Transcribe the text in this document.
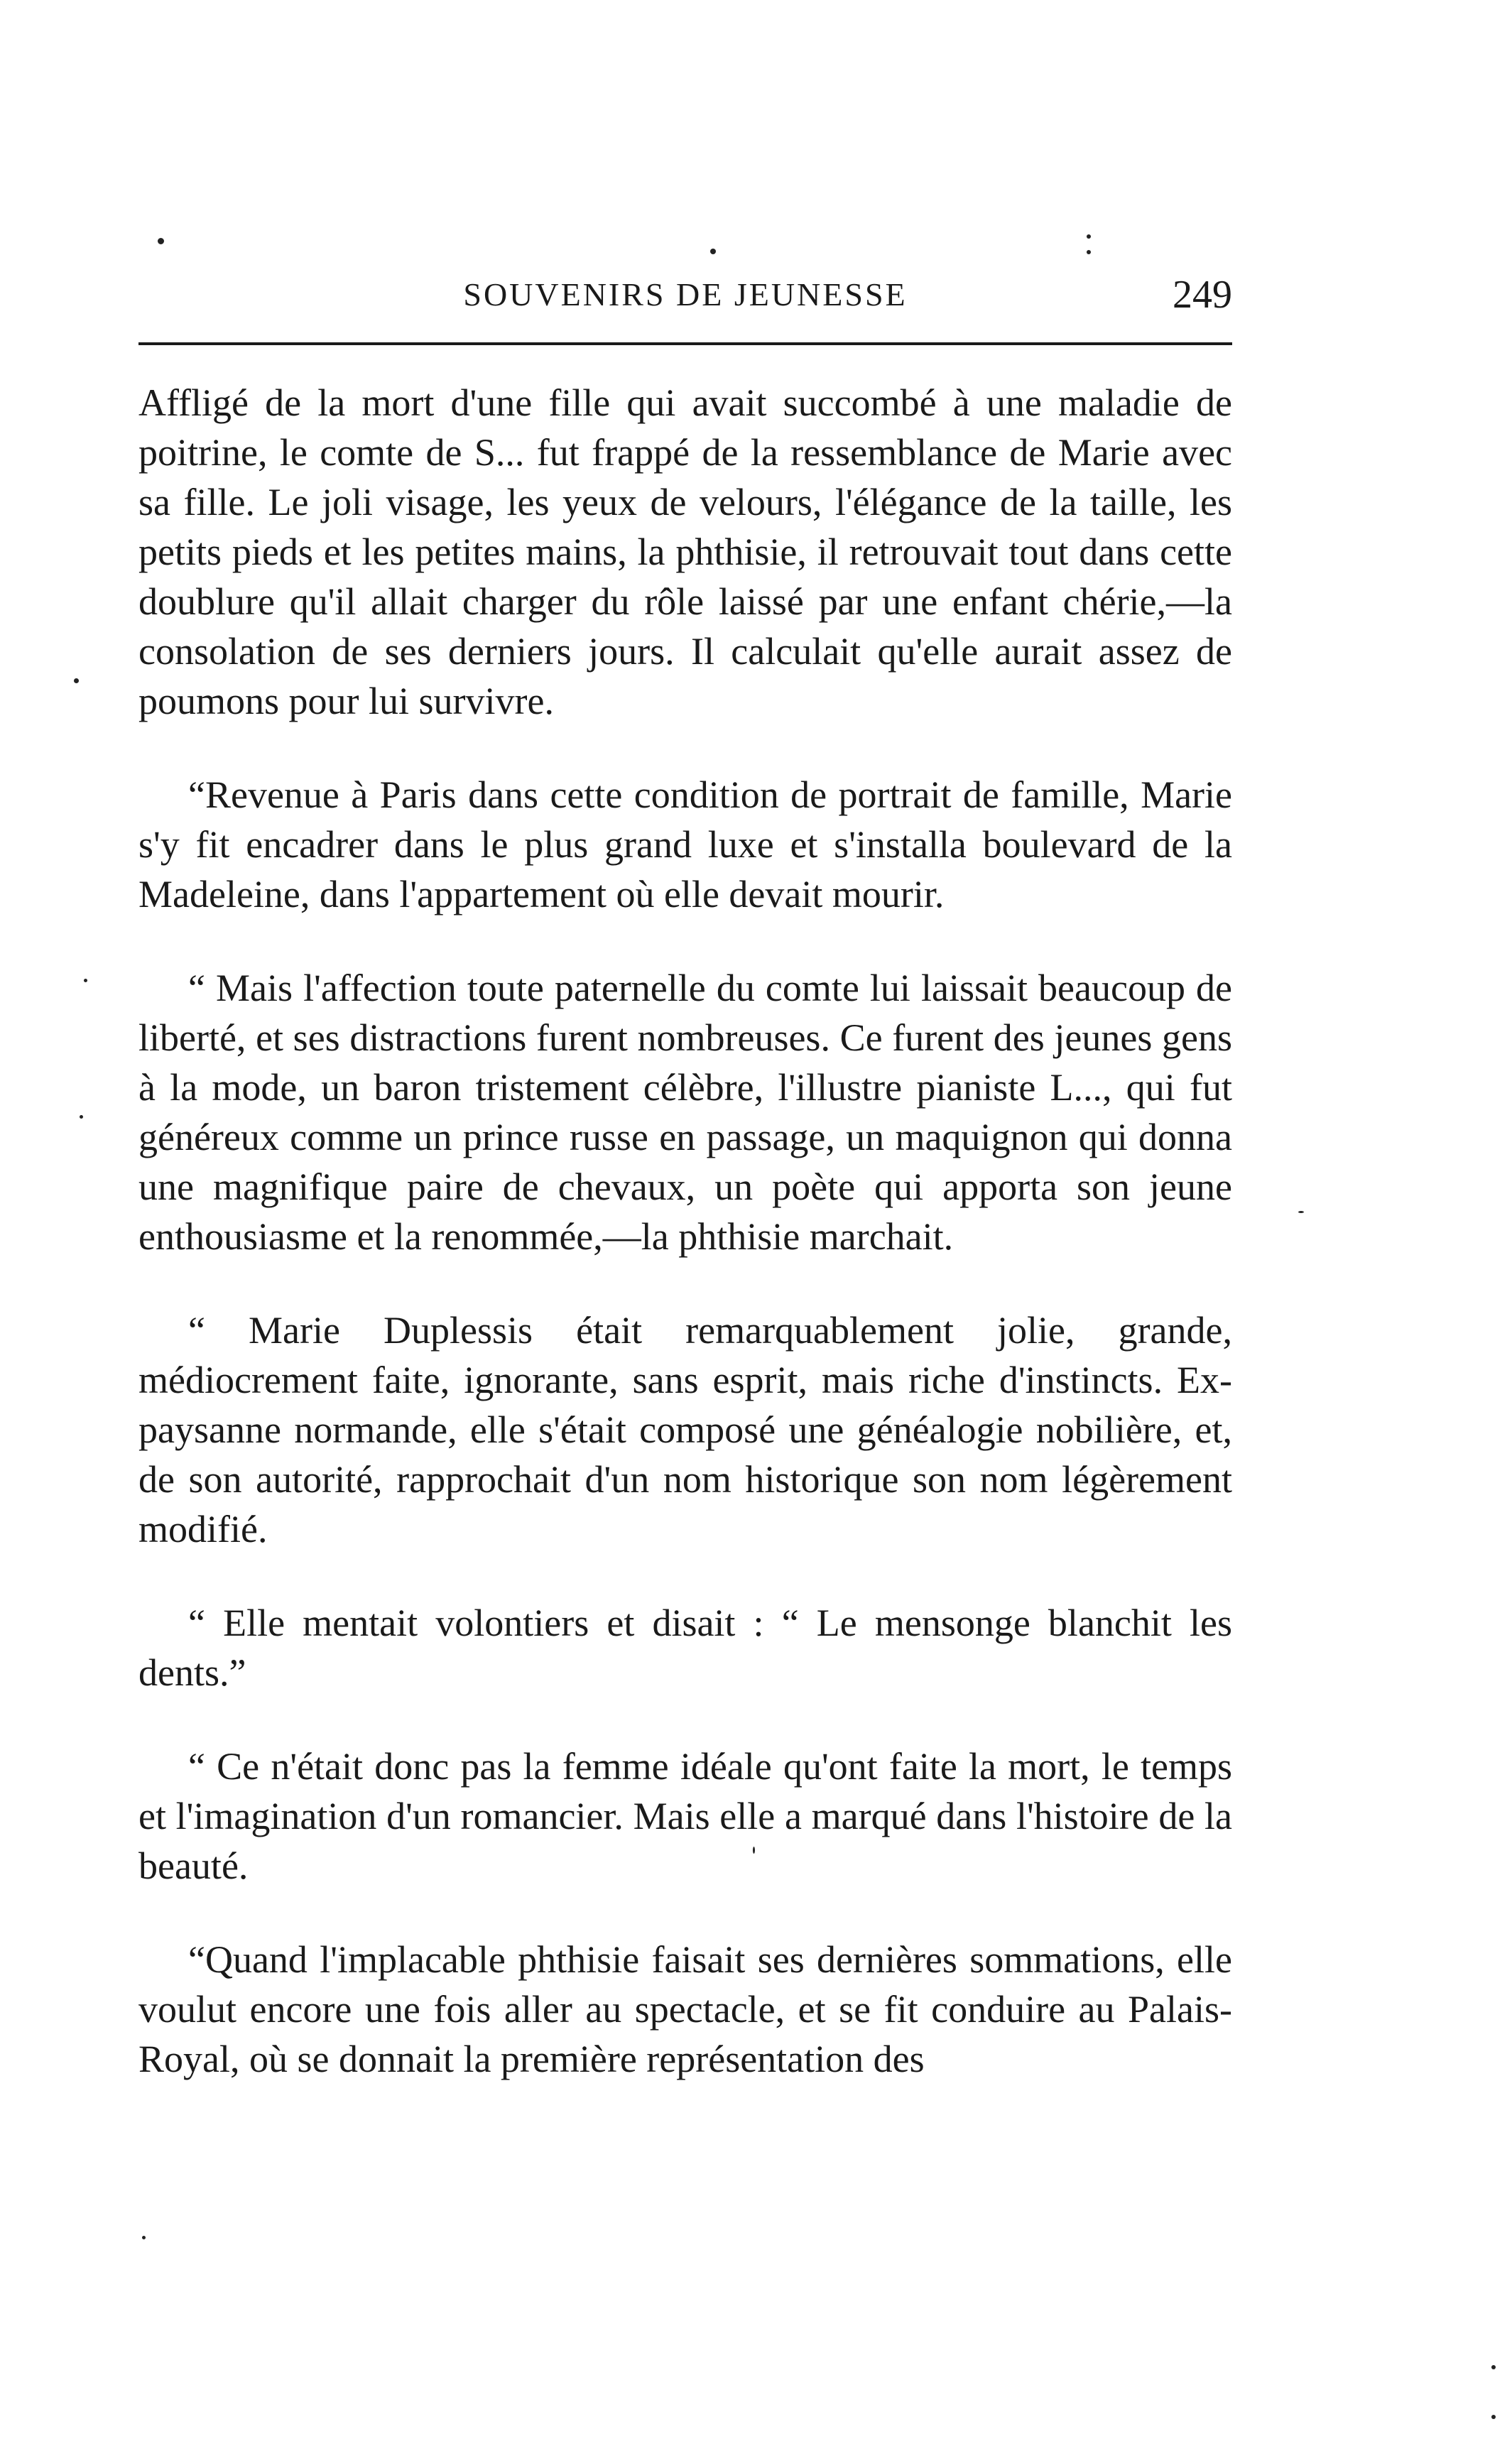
SOUVENIRS DE JEUNESSE	249

Affligé de la mort d'une fille qui avait succombé à une maladie de poitrine, le comte de S... fut frappé de la ressemblance de Marie avec sa fille. Le joli visage, les yeux de velours, l'élégance de la taille, les petits pieds et les petites mains, la phthisie, il retrouvait tout dans cette doublure qu'il allait charger du rôle laissé par une enfant chérie,—la consolation de ses derniers jours. Il calculait qu'elle aurait assez de poumons pour lui survivre.

“Revenue à Paris dans cette condition de portrait de famille, Marie s'y fit encadrer dans le plus grand luxe et s'installa boulevard de la Madeleine, dans l'appartement où elle devait mourir.

“ Mais l'affection toute paternelle du comte lui laissait beaucoup de liberté, et ses distractions furent nombreuses. Ce furent des jeunes gens à la mode, un baron tristement célèbre, l'illustre pianiste L..., qui fut généreux comme un prince russe en passage, un maquignon qui donna une magnifique paire de chevaux, un poète qui apporta son jeune enthousiasme et la renommée,—la phthisie marchait.

“ Marie Duplessis était remarquablement jolie, grande, médiocrement faite, ignorante, sans esprit, mais riche d'instincts. Ex-paysanne normande, elle s'était composé une généalogie nobilière, et, de son autorité, rapprochait d'un nom historique son nom légèrement modifié.

“ Elle mentait volontiers et disait : “ Le mensonge blanchit les dents.”

“ Ce n'était donc pas la femme idéale qu'ont faite la mort, le temps et l'imagination d'un romancier. Mais elle a marqué dans l'histoire de la beauté.

“Quand l'implacable phthisie faisait ses dernières sommations, elle voulut encore une fois aller au spectacle, et se fit conduire au Palais-Royal, où se donnait la première représentation des
